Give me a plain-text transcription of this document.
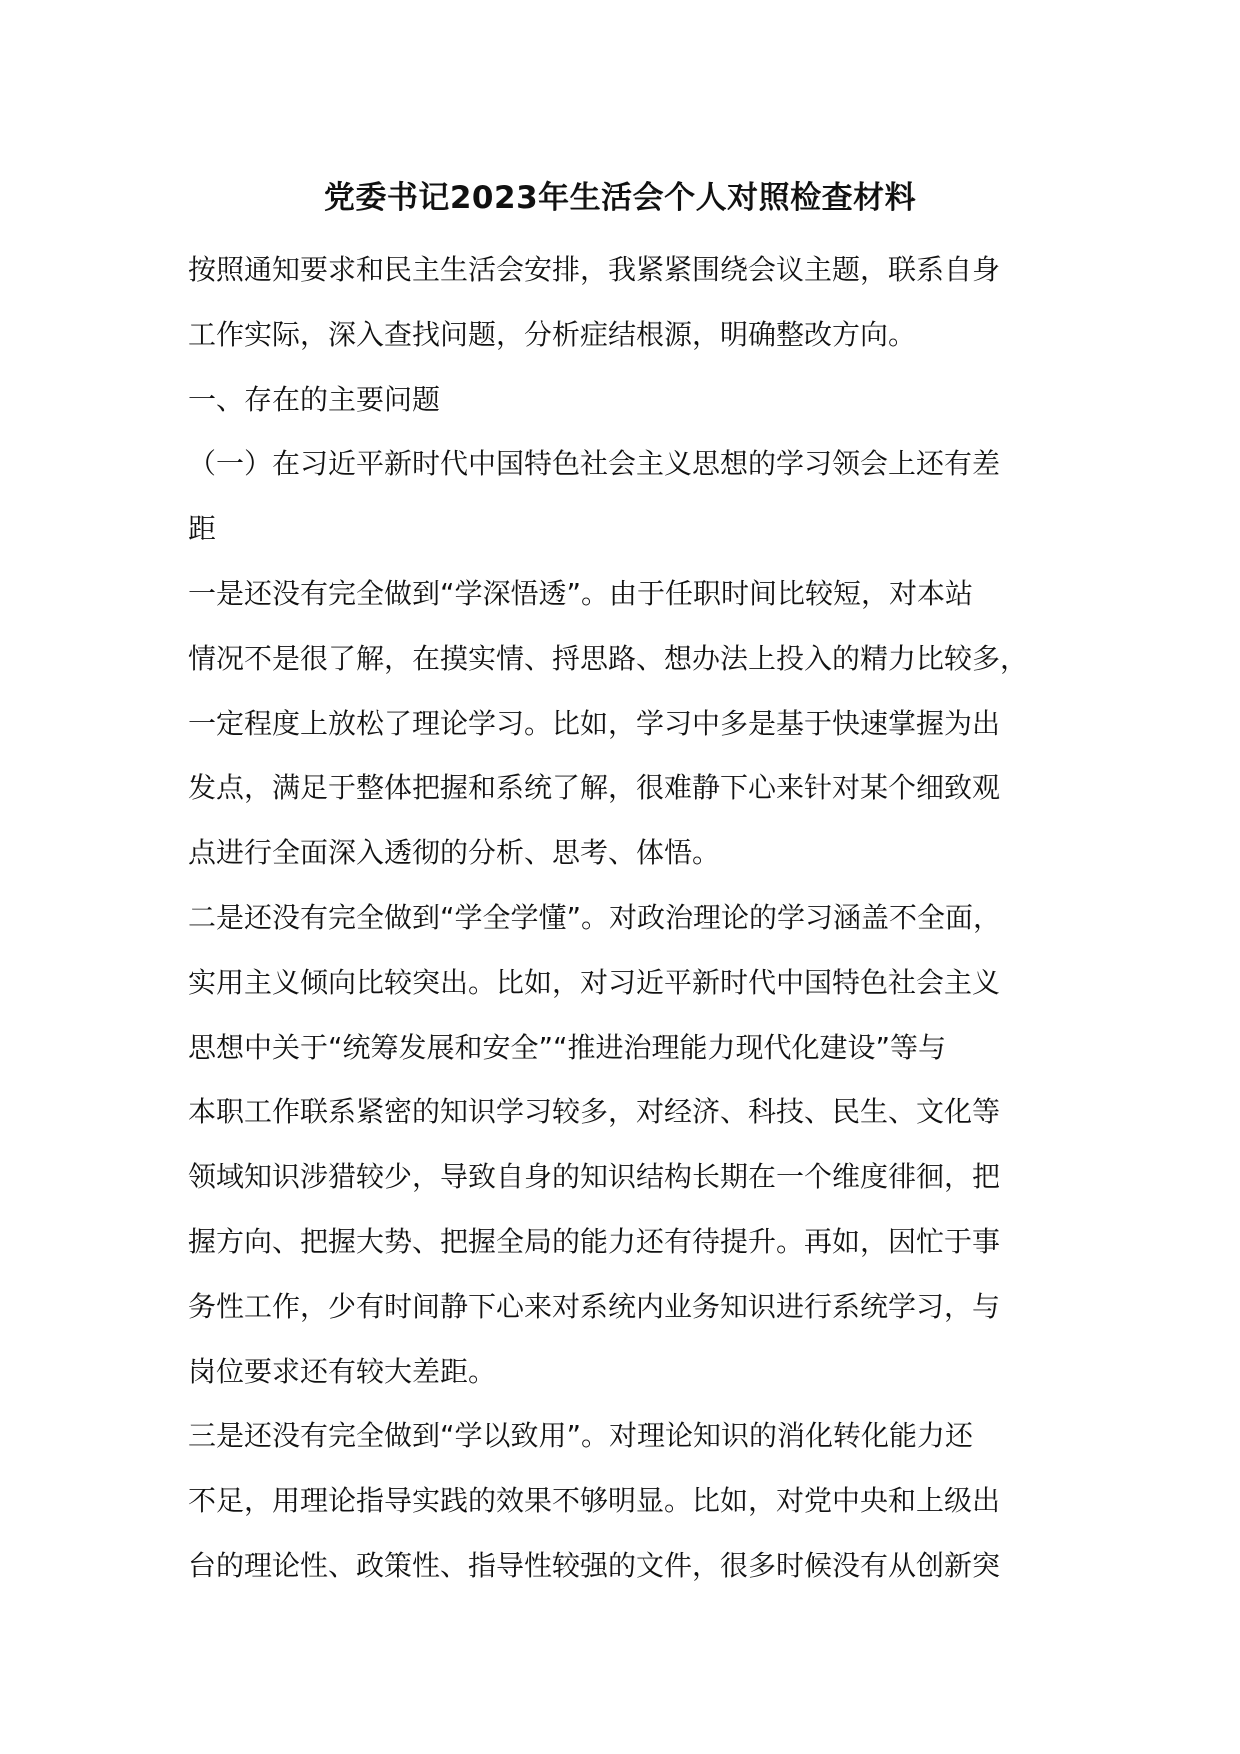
党委书记2023年生活会个人对照检查材料
按照通知要求和民主生活会安排，我紧紧围绕会议主题，联系自身
工作实际，深入查找问题，分析症结根源，明确整改方向。
一、存在的主要问题
（一）在习近平新时代中国特色社会主义思想的学习领会上还有差
距
一是还没有完全做到“学深悟透”。由于任职时间比较短，对本站
情况不是很了解，在摸实情、捋思路、想办法上投入的精力比较多，
一定程度上放松了理论学习。比如，学习中多是基于快速掌握为出
发点，满足于整体把握和系统了解，很难静下心来针对某个细致观
点进行全面深入透彻的分析、思考、体悟。
二是还没有完全做到“学全学懂”。对政治理论的学习涵盖不全面，
实用主义倾向比较突出。比如，对习近平新时代中国特色社会主义
思想中关于“统筹发展和安全”“推进治理能力现代化建设”等与
本职工作联系紧密的知识学习较多，对经济、科技、民生、文化等
领域知识涉猎较少，导致自身的知识结构长期在一个维度徘徊，把
握方向、把握大势、把握全局的能力还有待提升。再如，因忙于事
务性工作，少有时间静下心来对系统内业务知识进行系统学习，与
岗位要求还有较大差距。
三是还没有完全做到“学以致用”。对理论知识的消化转化能力还
不足，用理论指导实践的效果不够明显。比如，对党中央和上级出
台的理论性、政策性、指导性较强的文件，很多时候没有从创新突
